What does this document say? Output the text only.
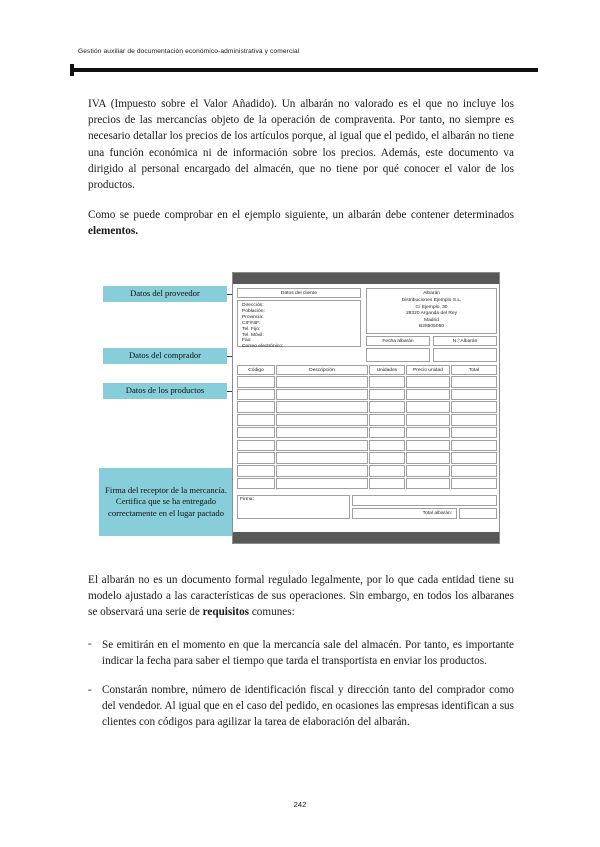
Gestión auxiliar de documentación económico-administrativa y comercial

IVA (Impuesto sobre el Valor Añadido). Un albarán no valorado es el que no incluye los precios de las mercancías objeto de la operación de compraventa. Por tanto, no siempre es necesario detallar los precios de los artículos porque, al igual que el pedido, el albarán no tiene una función económica ni de información sobre los precios. Además, este documento va dirigido al personal encargado del almacén, que no tiene por qué conocer el valor de los productos.

Como se puede comprobar en el ejemplo siguiente, un albarán debe contener determinados elementos.

Datos del proveedor
Datos del comprador
Datos de los productos
Firma del receptor de la mercancía. Certifica que se ha entregado correctamente en el lugar pactado
Datos del cliente
Dirección:
Población:
Provincia:
CIF/NIF:
Tel. Fijo:
Tel. Móvil:
Fax:
Correo electrónico:
Albarán
Distribuciones Ejemplo S.L.
C/ Ejemplo, 30
28320 Arganda del Rey
Madrid
B28505050
Fecha albarán	N.º Albarán
Código	Descripción	Unidades	Precio unidad	Total
Firma:
Total albarán:

El albarán no es un documento formal regulado legalmente, por lo que cada entidad tiene su modelo ajustado a las características de sus operaciones. Sin embargo, en todos los albaranes se observará una serie de requisitos comunes:

- Se emitirán en el momento en que la mercancía sale del almacén. Por tanto, es importante indicar la fecha para saber el tiempo que tarda el transportista en enviar los productos.
- Constarán nombre, número de identificación fiscal y dirección tanto del comprador como del vendedor. Al igual que en el caso del pedido, en ocasiones las empresas identifican a sus clientes con códigos para agilizar la tarea de elaboración del albarán.
242
